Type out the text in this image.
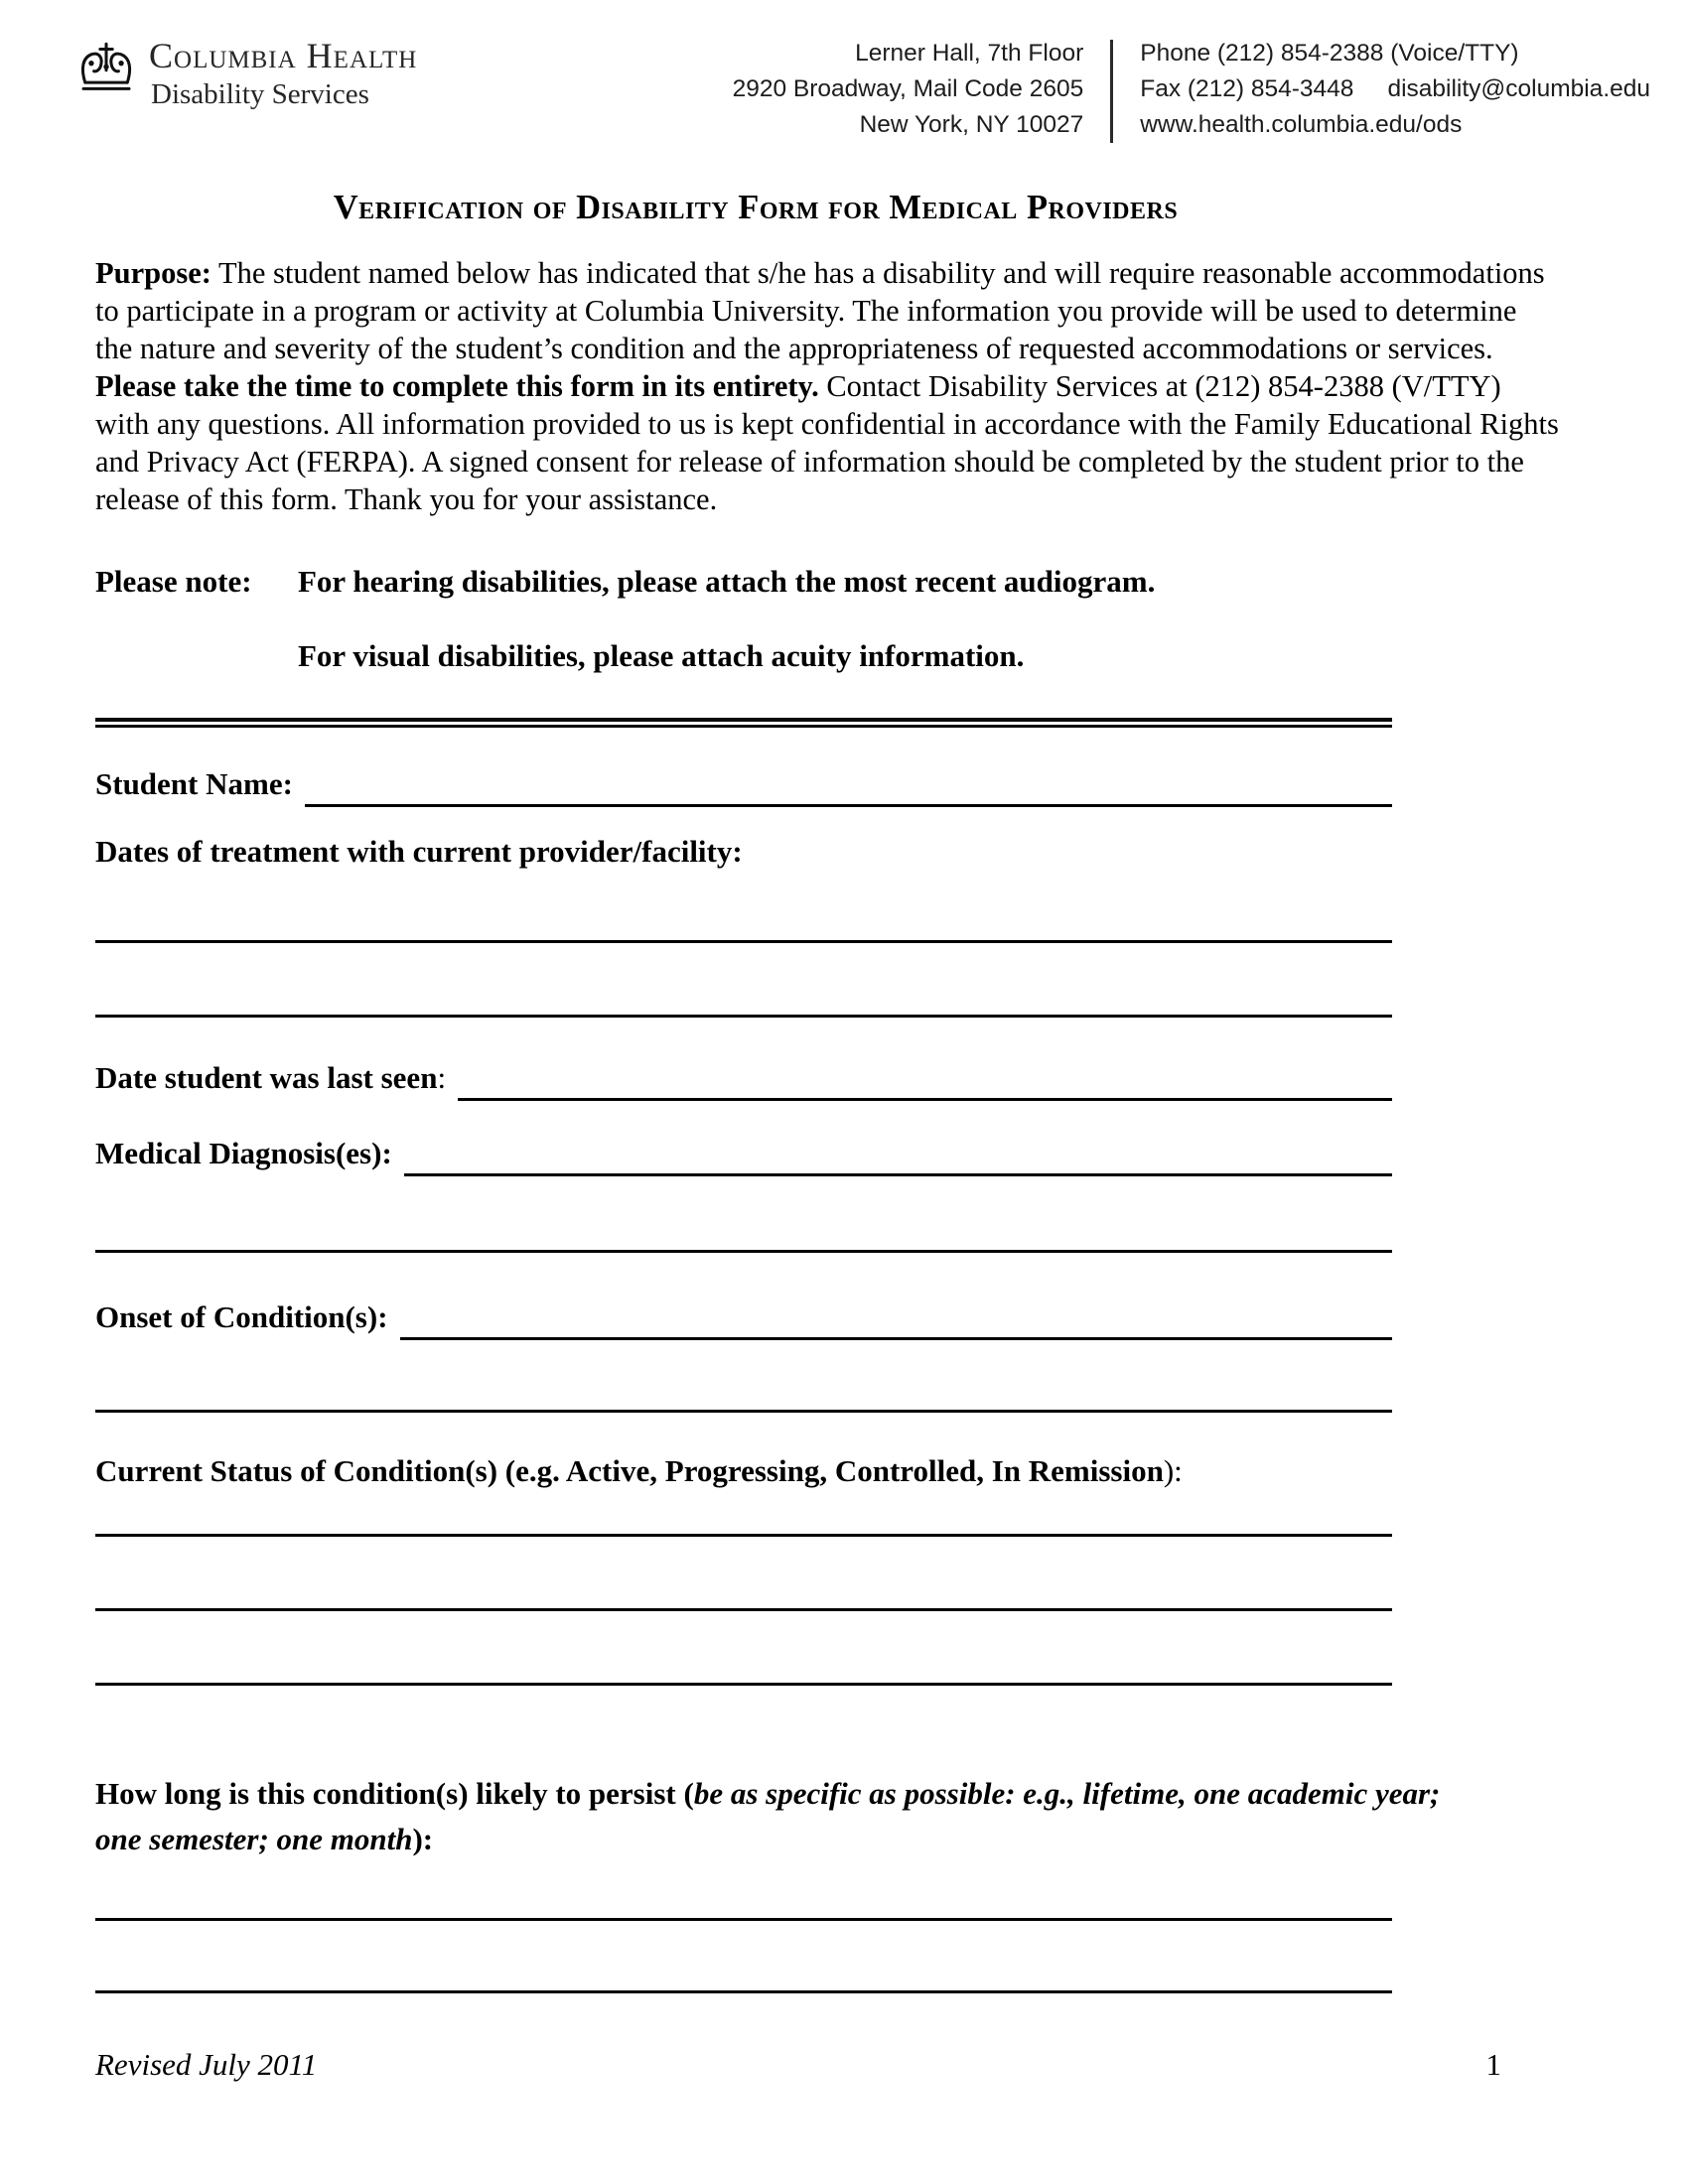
Columbia Health
Disability Services
Lerner Hall, 7th Floor
2920 Broadway, Mail Code 2605
New York, NY 10027
Phone (212) 854-2388 (Voice/TTY)
Fax (212) 854-3448 disability@columbia.edu
www.health.columbia.edu/ods
Verification of Disability Form for Medical Providers
Purpose: The student named below has indicated that s/he has a disability and will require reasonable accommodations to participate in a program or activity at Columbia University. The information you provide will be used to determine the nature and severity of the student’s condition and the appropriateness of requested accommodations or services. Please take the time to complete this form in its entirety. Contact Disability Services at (212) 854-2388 (V/TTY) with any questions. All information provided to us is kept confidential in accordance with the Family Educational Rights and Privacy Act (FERPA). A signed consent for release of information should be completed by the student prior to the release of this form. Thank you for your assistance.
Please note:	For hearing disabilities, please attach the most recent audiogram.
For visual disabilities, please attach acuity information.
Student Name:
Dates of treatment with current provider/facility:
Date student was last seen :
Medical Diagnosis(es):
Onset of Condition(s):
Current Status of Condition(s) (e.g. Active, Progressing, Controlled, In Remission):
How long is this condition(s) likely to persist (be as specific as possible: e.g., lifetime, one academic year;
one semester; one month):
Revised July 2011	1
